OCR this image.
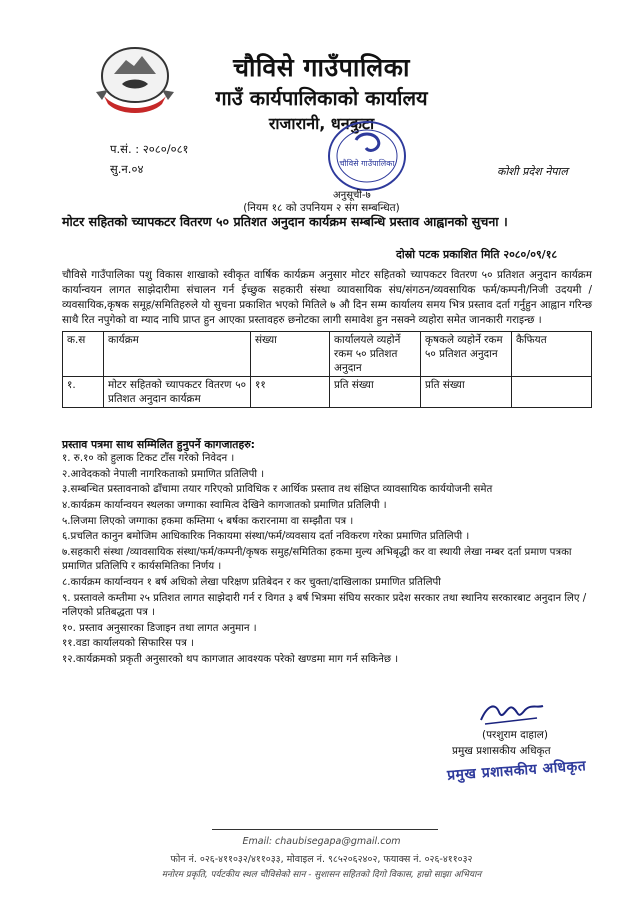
चौविसे गाउँपालिका
गाउँ कार्यपालिकाको कार्यालय
राजारानी, धनकुटा
चौविसे गाउँपालिका
प.सं. : २०८०/०८१
सु.न.०४	कोशी प्रदेश नेपाल
अनुसूची-७
(नियम १८ को उपनियम २ संग सम्बन्धित)
मोटर सहितको च्यापकटर वितरण ५० प्रतिशत अनुदान कार्यक्रम सम्बन्धि प्रस्ताव आह्वानको सुचना ।
दोस्रो पटक प्रकाशित मिति २०८०/०९/१८
चौविसे गाउँपालिका पशु विकास शाखाको स्वीकृत वार्षिक कार्यक्रम अनुसार मोटर सहितको च्यापकटर वितरण ५० प्रतिशत अनुदान कार्यक्रम कार्यान्वयन लागत साझेदारीमा संचालन गर्न ईच्छुक सहकारी संस्था व्यावसायिक संघ/संगठन/व्यवसायिक फर्म/कम्पनी/निजी उदयमी /व्यवसायिक,कृषक समूह/समितिहरुले यो सुचना प्रकाशित भएको मितिले ७ औ दिन सम्म कार्यालय समय भित्र प्रस्ताव दर्ता गर्नुहुन आह्वान गरिन्छ साथै रित नपुगेको वा म्याद नाघि प्राप्त हुन आएका प्रस्तावहरु छनोटका लागी समावेश हुन नसक्ने व्यहोरा समेत जानकारी गराइन्छ ।
क.स	कार्यक्रम	संख्या	कार्यालयले व्यहोर्ने रकम ५० प्रतिशत अनुदान	कृषकले व्यहोर्ने रकम ५० प्रतिशत अनुदान	कैफियत
१.	मोटर सहितको च्यापकटर वितरण ५० प्रतिशत अनुदान कार्यक्रम	११	प्रति संख्या	प्रति संख्या	
प्रस्ताव पत्रमा साथ सम्मिलित हुनुपर्ने कागजातहरु:
१. रु.१० को हुलाक टिकट टाँस गरेको निवेदन ।
२.आवेदकको नेपाली नागरिकताको प्रमाणित प्रतिलिपी ।
३.सम्बन्धित प्रस्तावनाको ढाँचामा तयार गरिएको प्राविधिक र आर्थिक प्रस्ताव तथ संक्षिप्त व्यावसायिक कार्ययोजनी समेत
४.कार्यक्रम कार्यान्वयन स्थलका जग्गाका स्वामित्व देखिने कागजातको प्रमाणित प्रतिलिपी ।
५.लिजमा लिएको जग्गाका हकमा कम्तिमा ५ बर्षका करारनामा वा सम्झौता पत्र ।
६.प्रचलित कानुन बमोजिम आधिकारिक निकायमा संस्था/फर्म/व्यवसाय दर्ता नविकरण गरेका प्रमाणित प्रतिलिपी ।
७.सहकारी संस्था /व्यावसायिक संस्था/फर्म/कम्पनी/कृषक समुह/समितिका हकमा मुल्य अभिबृद्धी कर वा स्थायी लेखा नम्बर दर्ता प्रमाण पत्रका प्रमाणित प्रतिलिपि र कार्यसमितिका निर्णय ।
८.कार्यक्रम कार्यान्वयन १ बर्ष अधिको लेखा परिक्षण प्रतिबेदन र कर चुक्ता/दाखिलाका प्रमाणित प्रतिलिपी
९. प्रस्तावले कम्तीमा २५ प्रतिशत लागत साझेदारी गर्न र विगत ३ बर्ष भित्रमा संघिय सरकार प्रदेश सरकार तथा स्थानिय सरकारबाट अनुदान लिए /नलिएको प्रतिबद्धता पत्र ।
१०. प्रस्ताव अनुसारका डिजाइन तथा लागत अनुमान ।
११.वडा कार्यालयको सिफारिस पत्र ।
१२.कार्यक्रमको प्रकृती अनुसारको थप कागजात आवश्यक परेको खण्डमा माग गर्न सकिनेछ ।
(परशुराम दाहाल)
प्रमुख प्रशासकीय अधिकृत
प्रमुख प्रशासकीय अधिकृत
Email: chaubisegapa@gmail.com
फोन नं. ०२६-४११०३२/४११०३३, मोवाइल नं. ९८५२०६२४०२, फयाक्स नं. ०२६-४११०३२
मनोरम प्रकृति, पर्यटकीय स्थल चौविसेको सान - सुशासन सहितको दिगो विकास, हाम्रो साझा अभियान
